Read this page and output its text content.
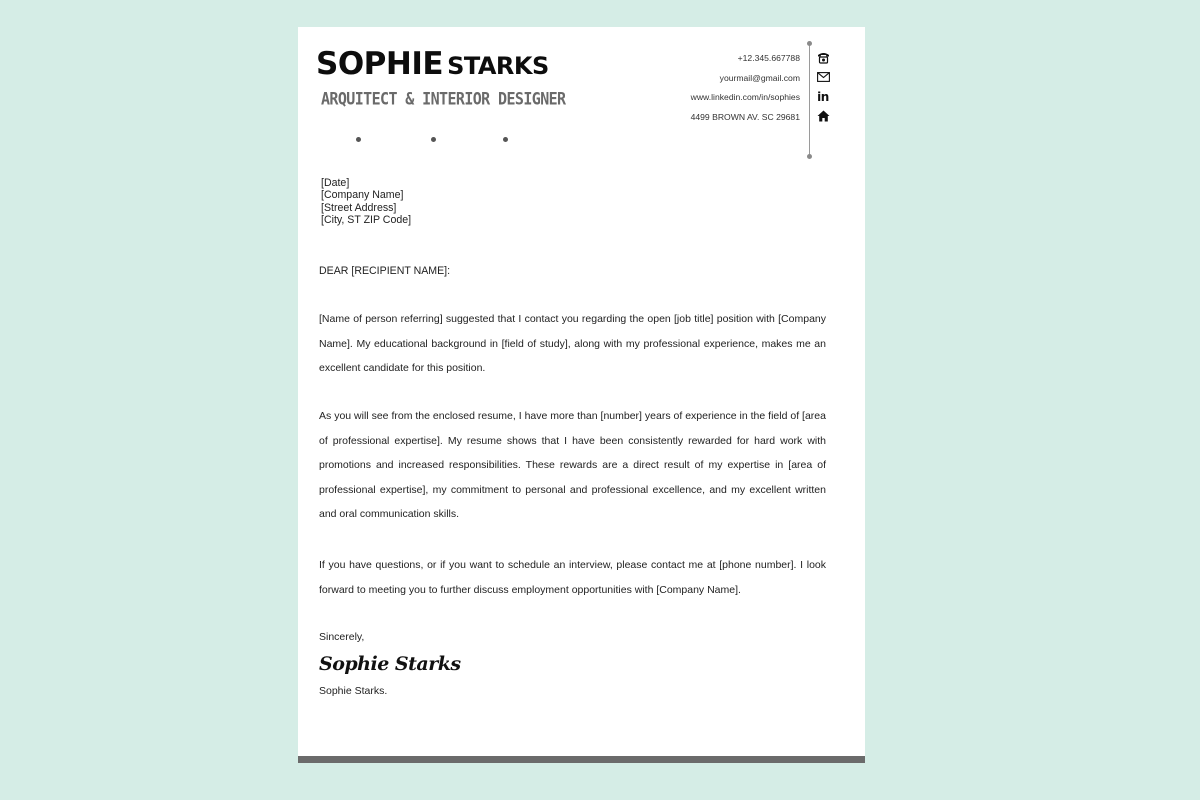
SOPHIE STARKS
ARQUITECT & INTERIOR DESIGNER
+12.345.667788
yourmail@gmail.com
www.linkedin.com/in/sophies
4499 BROWN AV. SC 29681
in
[Date]
[Company Name]
[Street Address]
[City, ST ZIP Code]
DEAR [RECIPIENT NAME]:
[Name of person referring] suggested that I contact you regarding the open [job title] position with [Company Name]. My educational background in [field of study], along with my professional experience, makes me an excellent candidate for this position.
As you will see from the enclosed resume, I have more than [number] years of experience in the field of [area of professional expertise]. My resume shows that I have been consistently rewarded for hard work with promotions and increased responsibilities. These rewards are a direct result of my expertise in [area of professional expertise], my commitment to personal and professional excellence, and my excellent written and oral communication skills.
If you have questions, or if you want to schedule an interview, please contact me at [phone number]. I look forward to meeting you to further discuss employment opportunities with [Company Name].
Sincerely,
Sophie Starks
Sophie Starks.
